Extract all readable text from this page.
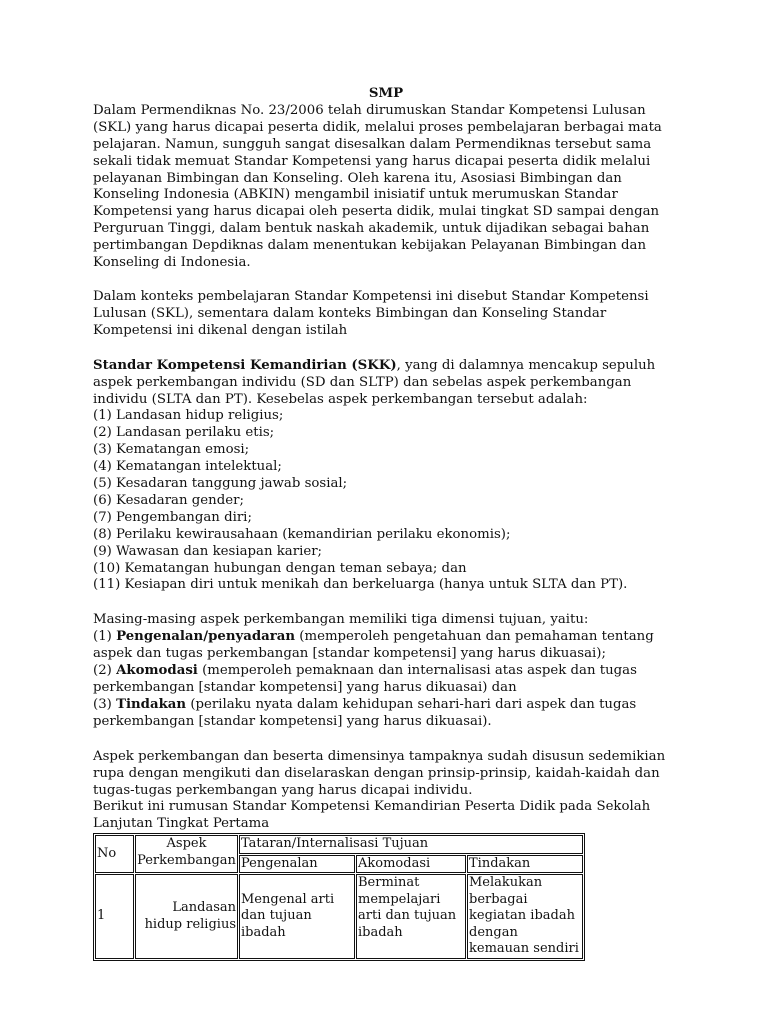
SMP

Dalam Permendiknas No. 23/2006 telah dirumuskan Standar Kompetensi Lulusan (SKL) yang harus dicapai peserta didik, melalui proses pembelajaran berbagai mata pelajaran. Namun, sungguh sangat disesalkan dalam Permendiknas tersebut sama sekali tidak memuat Standar Kompetensi yang harus dicapai peserta didik melalui pelayanan Bimbingan dan Konseling. Oleh karena itu, Asosiasi Bimbingan dan Konseling Indonesia (ABKIN) mengambil inisiatif untuk merumuskan Standar Kompetensi yang harus dicapai oleh peserta didik, mulai tingkat SD sampai dengan Perguruan Tinggi, dalam bentuk naskah akademik, untuk dijadikan sebagai bahan pertimbangan Depdiknas dalam menentukan kebijakan Pelayanan Bimbingan dan Konseling di Indonesia.

Dalam konteks pembelajaran Standar Kompetensi ini disebut Standar Kompetensi Lulusan (SKL), sementara dalam konteks Bimbingan dan Konseling Standar Kompetensi ini dikenal dengan istilah

Standar Kompetensi Kemandirian (SKK), yang di dalamnya mencakup sepuluh aspek perkembangan individu (SD dan SLTP) dan sebelas aspek perkembangan individu (SLTA dan PT). Kesebelas aspek perkembangan tersebut adalah:

(1) Landasan hidup religius;
(2) Landasan perilaku etis;
(3) Kematangan emosi;
(4) Kematangan intelektual;
(5) Kesadaran tanggung jawab sosial;
(6) Kesadaran gender;
(7) Pengembangan diri;
(8) Perilaku kewirausahaan (kemandirian perilaku ekonomis);
(9) Wawasan dan kesiapan karier;
(10) Kematangan hubungan dengan teman sebaya; dan
(11) Kesiapan diri untuk menikah dan berkeluarga (hanya untuk SLTA dan PT).

Masing-masing aspek perkembangan memiliki tiga dimensi tujuan, yaitu:

(1) Pengenalan/penyadaran (memperoleh pengetahuan dan pemahaman tentang aspek dan tugas perkembangan [standar kompetensi] yang harus dikuasai);
(2) Akomodasi (memperoleh pemaknaan dan internalisasi atas aspek dan tugas perkembangan [standar kompetensi] yang harus dikuasai) dan
(3) Tindakan (perilaku nyata dalam kehidupan sehari-hari dari aspek dan tugas perkembangan [standar kompetensi] yang harus dikuasai).

Aspek perkembangan dan beserta dimensinya tampaknya sudah disusun sedemikian rupa dengan mengikuti dan diselaraskan dengan prinsip-prinsip, kaidah-kaidah dan tugas-tugas perkembangan yang harus dicapai individu.

Berikut ini rumusan Standar Kompetensi Kemandirian Peserta Didik pada Sekolah Lanjutan Tingkat Pertama

No	Aspek Perkembangan	Tataran/Internalisasi Tujuan		
		Pengenalan	Akomodasi	Tindakan
1	Landasan hidup religius	Mengenal arti dan tujuan ibadah	Berminat mempelajari arti dan tujuan ibadah	Melakukan berbagai kegiatan ibadah dengan kemauan sendiri
